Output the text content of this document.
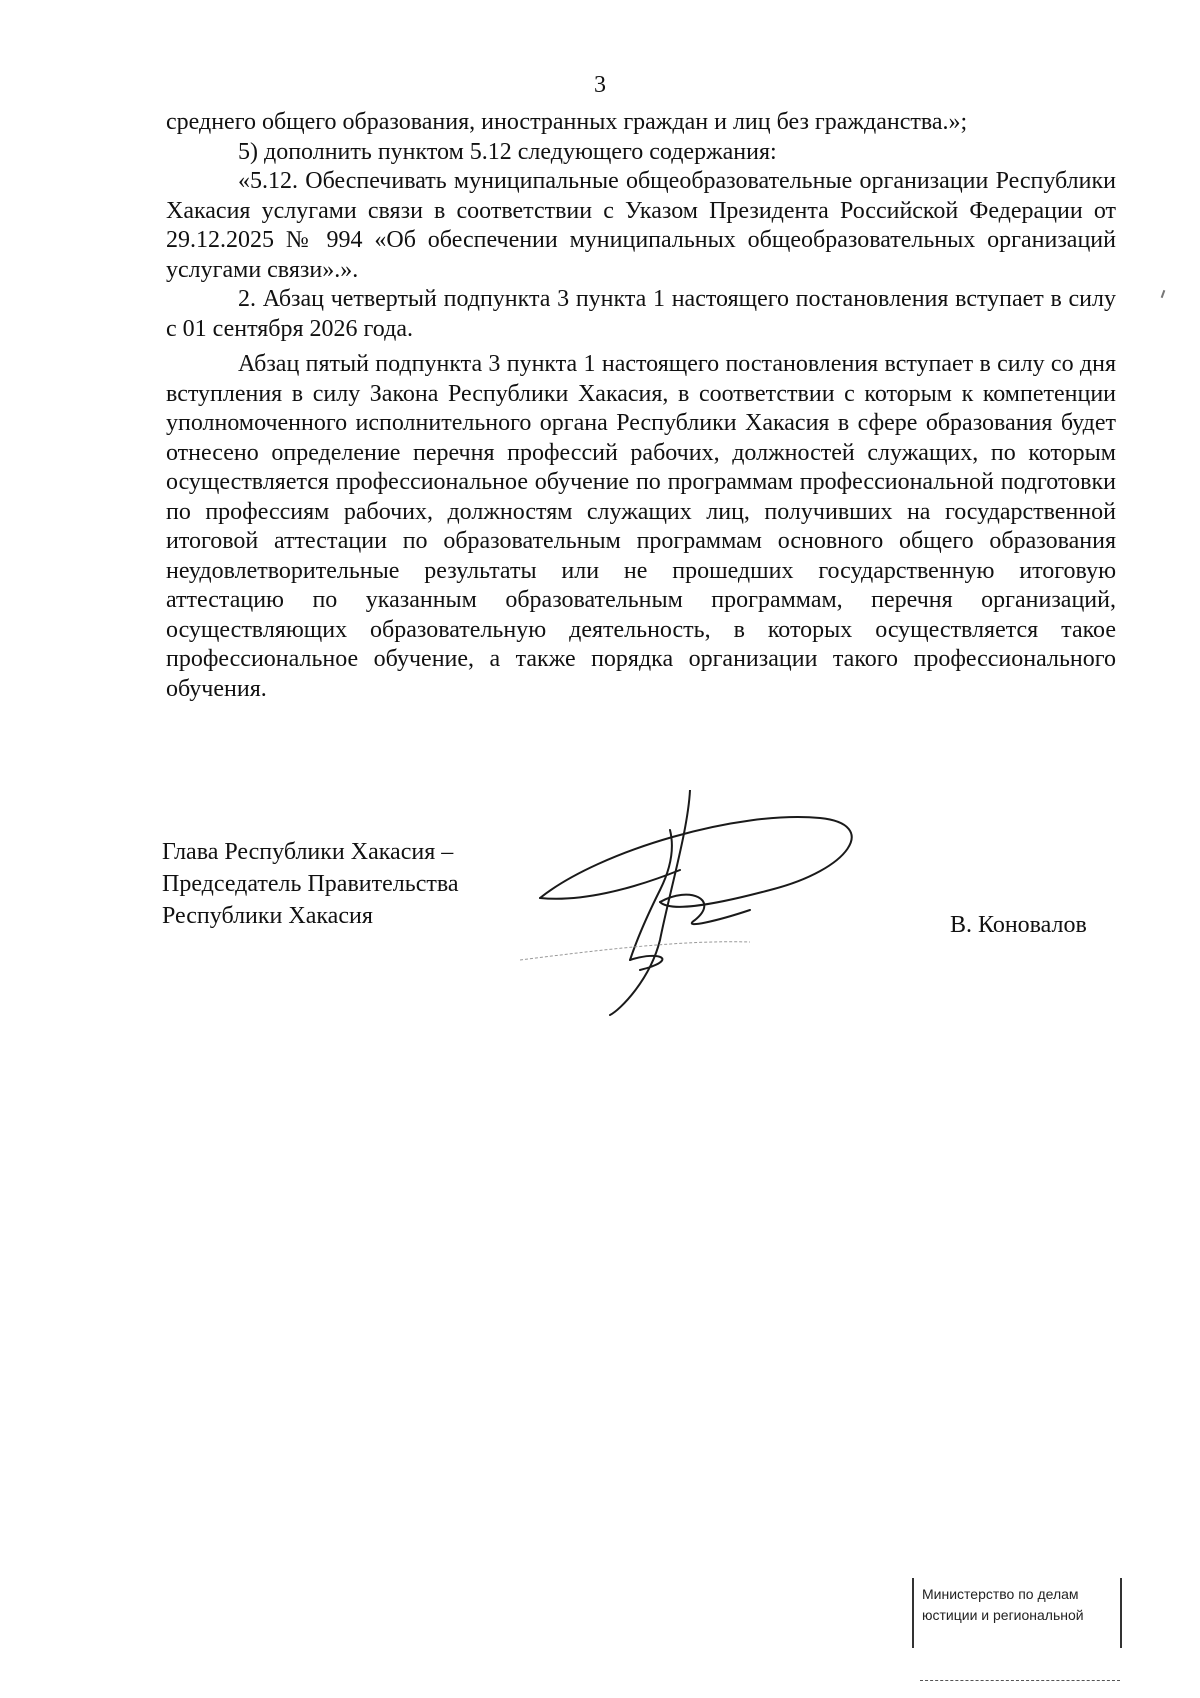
3

среднего общего образования, иностранных граждан и лиц без гражданства.»;

5) дополнить пунктом 5.12 следующего содержания:

«5.12. Обеспечивать муниципальные общеобразовательные организации Республики Хакасия услугами связи в соответствии с Указом Президента Российской Федерации от 29.12.2025 № 994 «Об обеспечении муниципальных общеобразовательных организаций услугами связи».».

2. Абзац четвертый подпункта 3 пункта 1 настоящего постановления вступает в силу с 01 сентября 2026 года.

Абзац пятый подпункта 3 пункта 1 настоящего постановления вступает в силу со дня вступления в силу Закона Республики Хакасия, в соответствии с которым к компетенции уполномоченного исполнительного органа Республики Хакасия в сфере образования будет отнесено определение перечня профессий рабочих, должностей служащих, по которым осуществляется профессиональное обучение по программам профессиональной подготовки по профессиям рабочих, должностям служащих лиц, получивших на государственной итоговой аттестации по образовательным программам основного общего образования неудовлетворительные результаты или не прошедших государственную итоговую аттестацию по указанным образовательным программам, перечня организаций, осуществляющих образовательную деятельность, в которых осуществляется такое профессиональное обучение, а также порядка организации такого профессионального обучения.

Глава Республики Хакасия –
Председатель Правительства
Республики Хакасия	В. Коновалов
Министерство по делам
юстиции и региональной
